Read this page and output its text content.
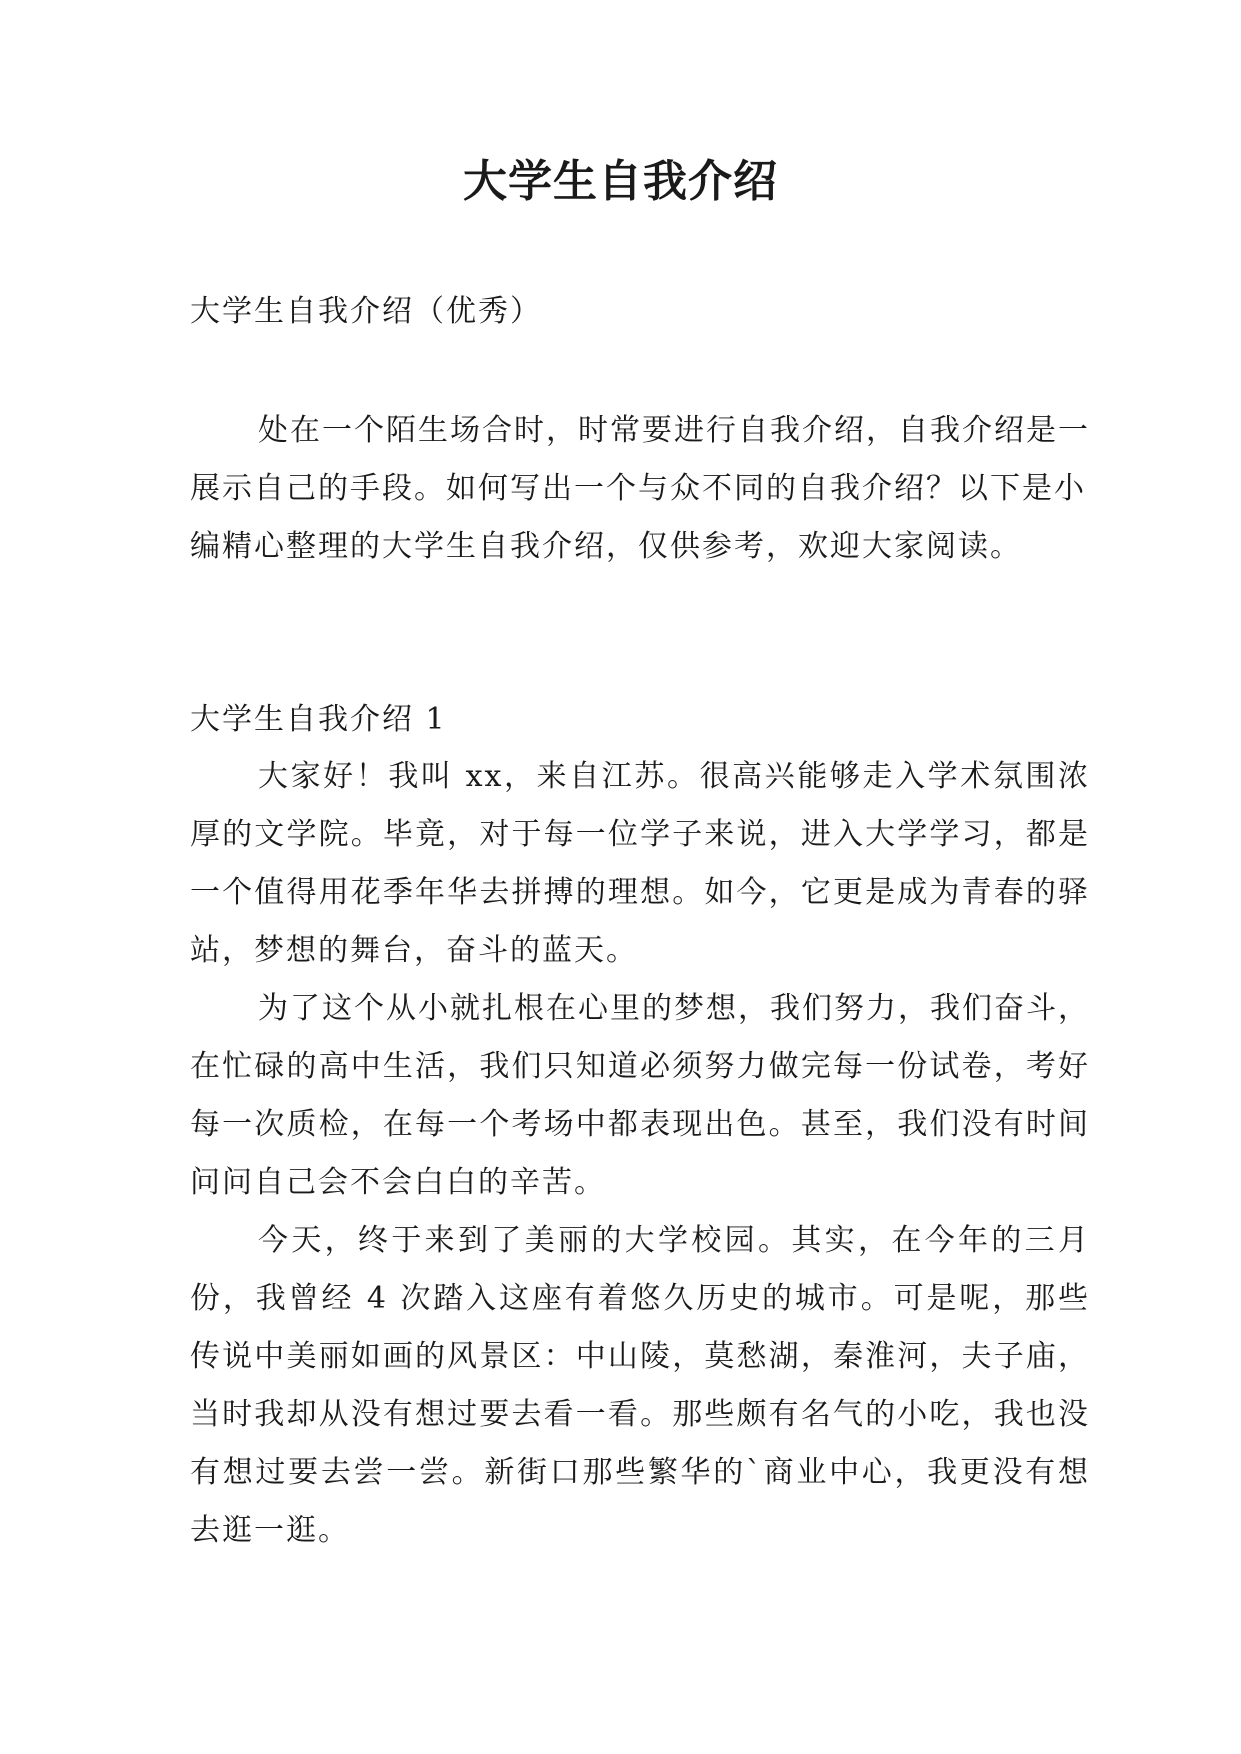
大学生自我介绍
大学生自我介绍（优秀）

处在一个陌生场合时，时常要进行自我介绍，自我介绍是一展示自己的手段。如何写出一个与众不同的自我介绍？以下是小编精心整理的大学生自我介绍，仅供参考，欢迎大家阅读。

大学生自我介绍 1

大家好！我叫 xx，来自江苏。很高兴能够走入学术氛围浓厚的文学院。毕竟，对于每一位学子来说，进入大学学习，都是一个值得用花季年华去拼搏的理想。如今，它更是成为青春的驿站，梦想的舞台，奋斗的蓝天。

为了这个从小就扎根在心里的梦想，我们努力，我们奋斗，在忙碌的高中生活，我们只知道必须努力做完每一份试卷，考好每一次质检，在每一个考场中都表现出色。甚至，我们没有时间问问自己会不会白白的辛苦。

今天，终于来到了美丽的大学校园。其实，在今年的三月份，我曾经 4 次踏入这座有着悠久历史的城市。可是呢，那些传说中美丽如画的风景区：中山陵，莫愁湖，秦淮河，夫子庙，当时我却从没有想过要去看一看。那些颇有名气的小吃，我也没有想过要去尝一尝。新街口那些繁华的`商业中心，我更没有想去逛一逛。
